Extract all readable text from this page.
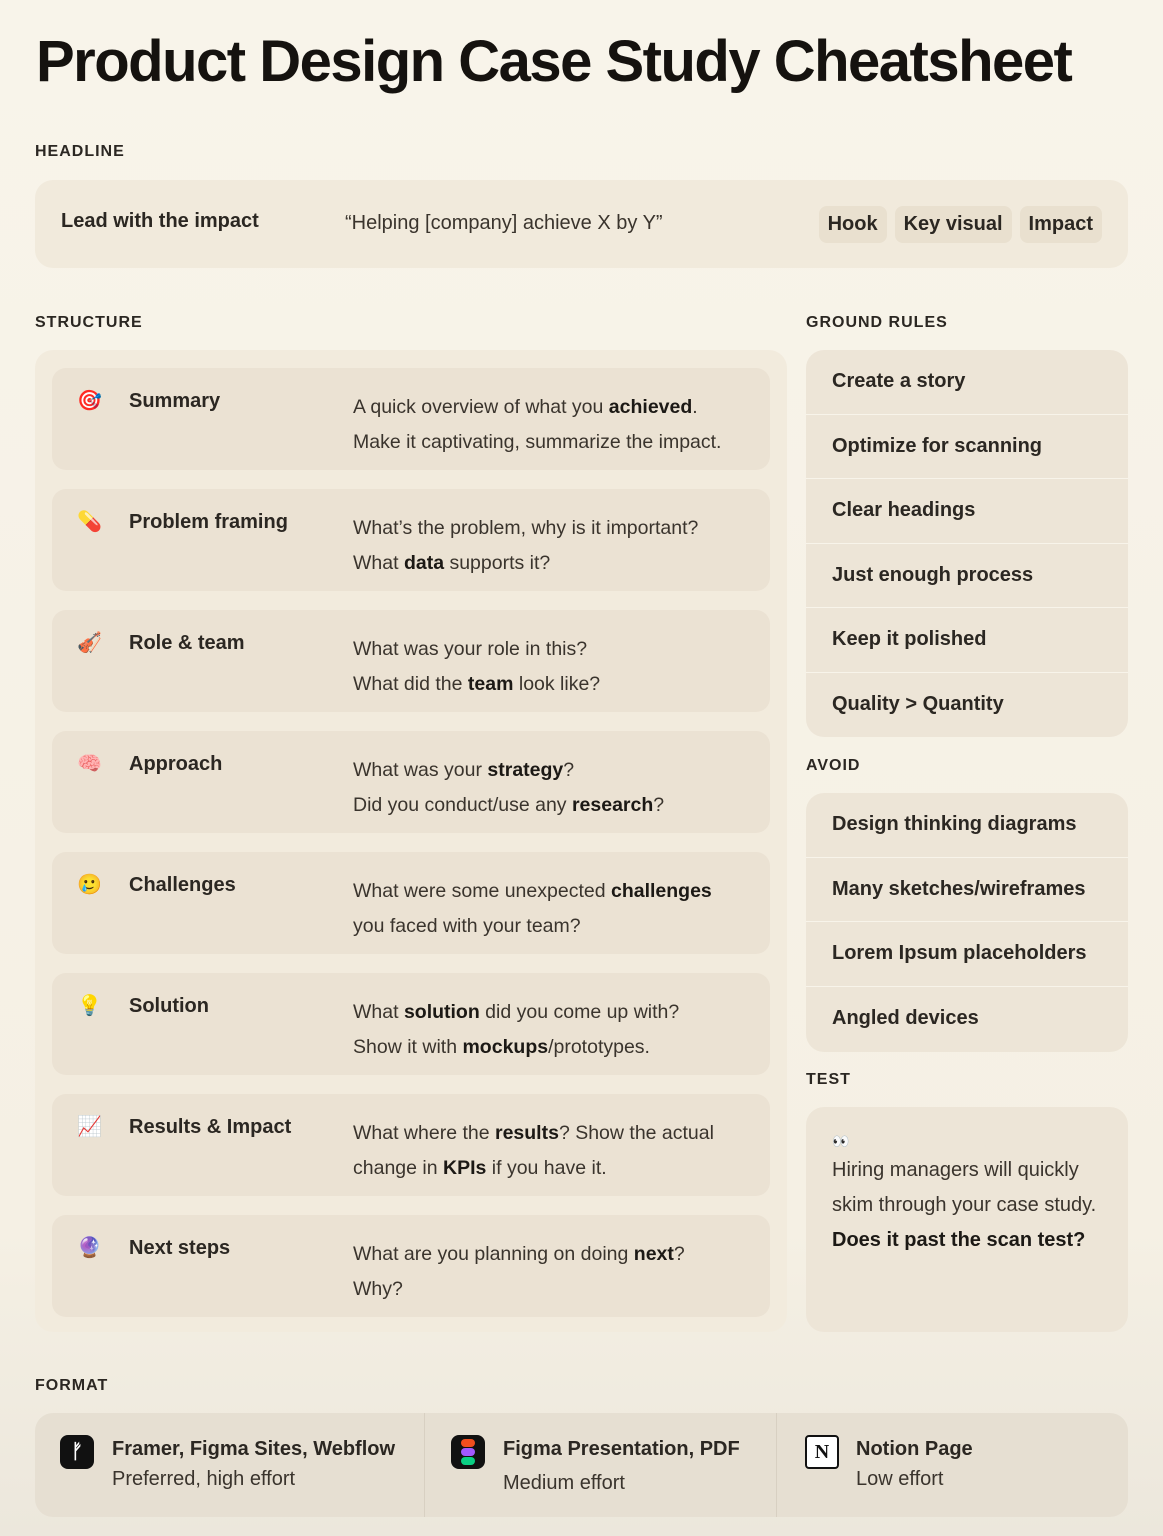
Product Design Case Study Cheatsheet
HEADLINE
Lead with the impact	“Helping [company] achieve X by Y”	Hook	Key visual	Impact
STRUCTURE
🎯 Summary	A quick overview of what you achieved.
Make it captivating, summarize the impact.
💊 Problem framing	What’s the problem, why is it important?
What data supports it?
🎻 Role & team	What was your role in this?
What did the team look like?
🧠 Approach	What was your strategy?
Did you conduct/use any research?
🥲 Challenges	What were some unexpected challenges
you faced with your team?
💡 Solution	What solution did you come up with?
Show it with mockups/prototypes.
📈 Results & Impact	What where the results? Show the actual
change in KPIs if you have it.
🔮 Next steps	What are you planning on doing next?
Why?
GROUND RULES
Create a story
Optimize for scanning
Clear headings
Just enough process
Keep it polished
Quality > Quantity
AVOID
Design thinking diagrams
Many sketches/wireframes
Lorem Ipsum placeholders
Angled devices
TEST
👀
Hiring managers will quickly
skim through your case study.
Does it past the scan test?
FORMAT
ᚠ	Framer, Figma Sites, Webflow
Preferred, high effort
Figma Presentation, PDF
Medium effort
N	Notion Page
Low effort
